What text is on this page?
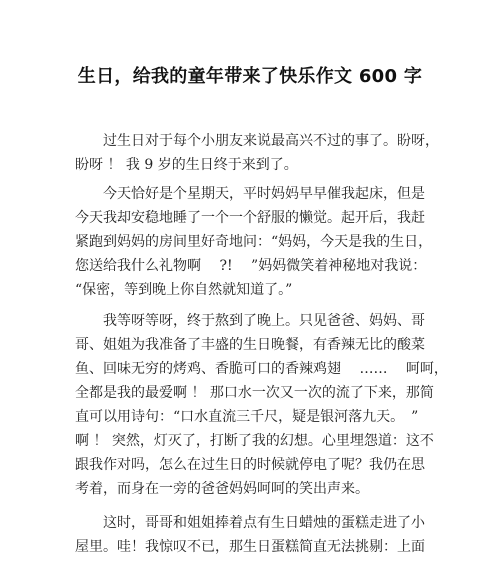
生日，给我的童年带来了快乐作文 600 字
过生日对于每个小朋友来说最高兴不过的事了。盼呀，
盼呀 ！ 我 9 岁的生日终于来到了。
今天恰好是个星期天，平时妈妈早早催我起床，但是
今天我却安稳地睡了一个一个舒服的懒觉。起开后，我赶
紧跑到妈妈的房间里好奇地问：“妈妈，今天是我的生日，
您送给我什么礼物啊　 ?!　 ”妈妈微笑着神秘地对我说：
“保密，等到晚上你自然就知道了。”
我等呀等呀，终于熬到了晚上。只见爸爸、妈妈、哥
哥、姐姐为我准备了丰盛的生日晚餐，有香辣无比的酸菜
鱼、回味无穷的烤鸡、香脆可口的香辣鸡翅　 ……　 呵呵，
全都是我的最爱啊 ！ 那口水一次又一次的流了下来，那简
直可以用诗句：“口水直流三千尺，疑是银河落九天。　”
啊 ！ 突然，灯灭了，打断了我的幻想。心里埋怨道：这不
跟我作对吗，怎么在过生日的时候就停电了呢？我仍在思
考着，而身在一旁的爸爸妈妈呵呵的笑出声来。
这时，哥哥和姐姐捧着点有生日蜡烛的蛋糕走进了小
屋里。哇！我惊叹不已，那生日蛋糕简直无法挑剔：上面
